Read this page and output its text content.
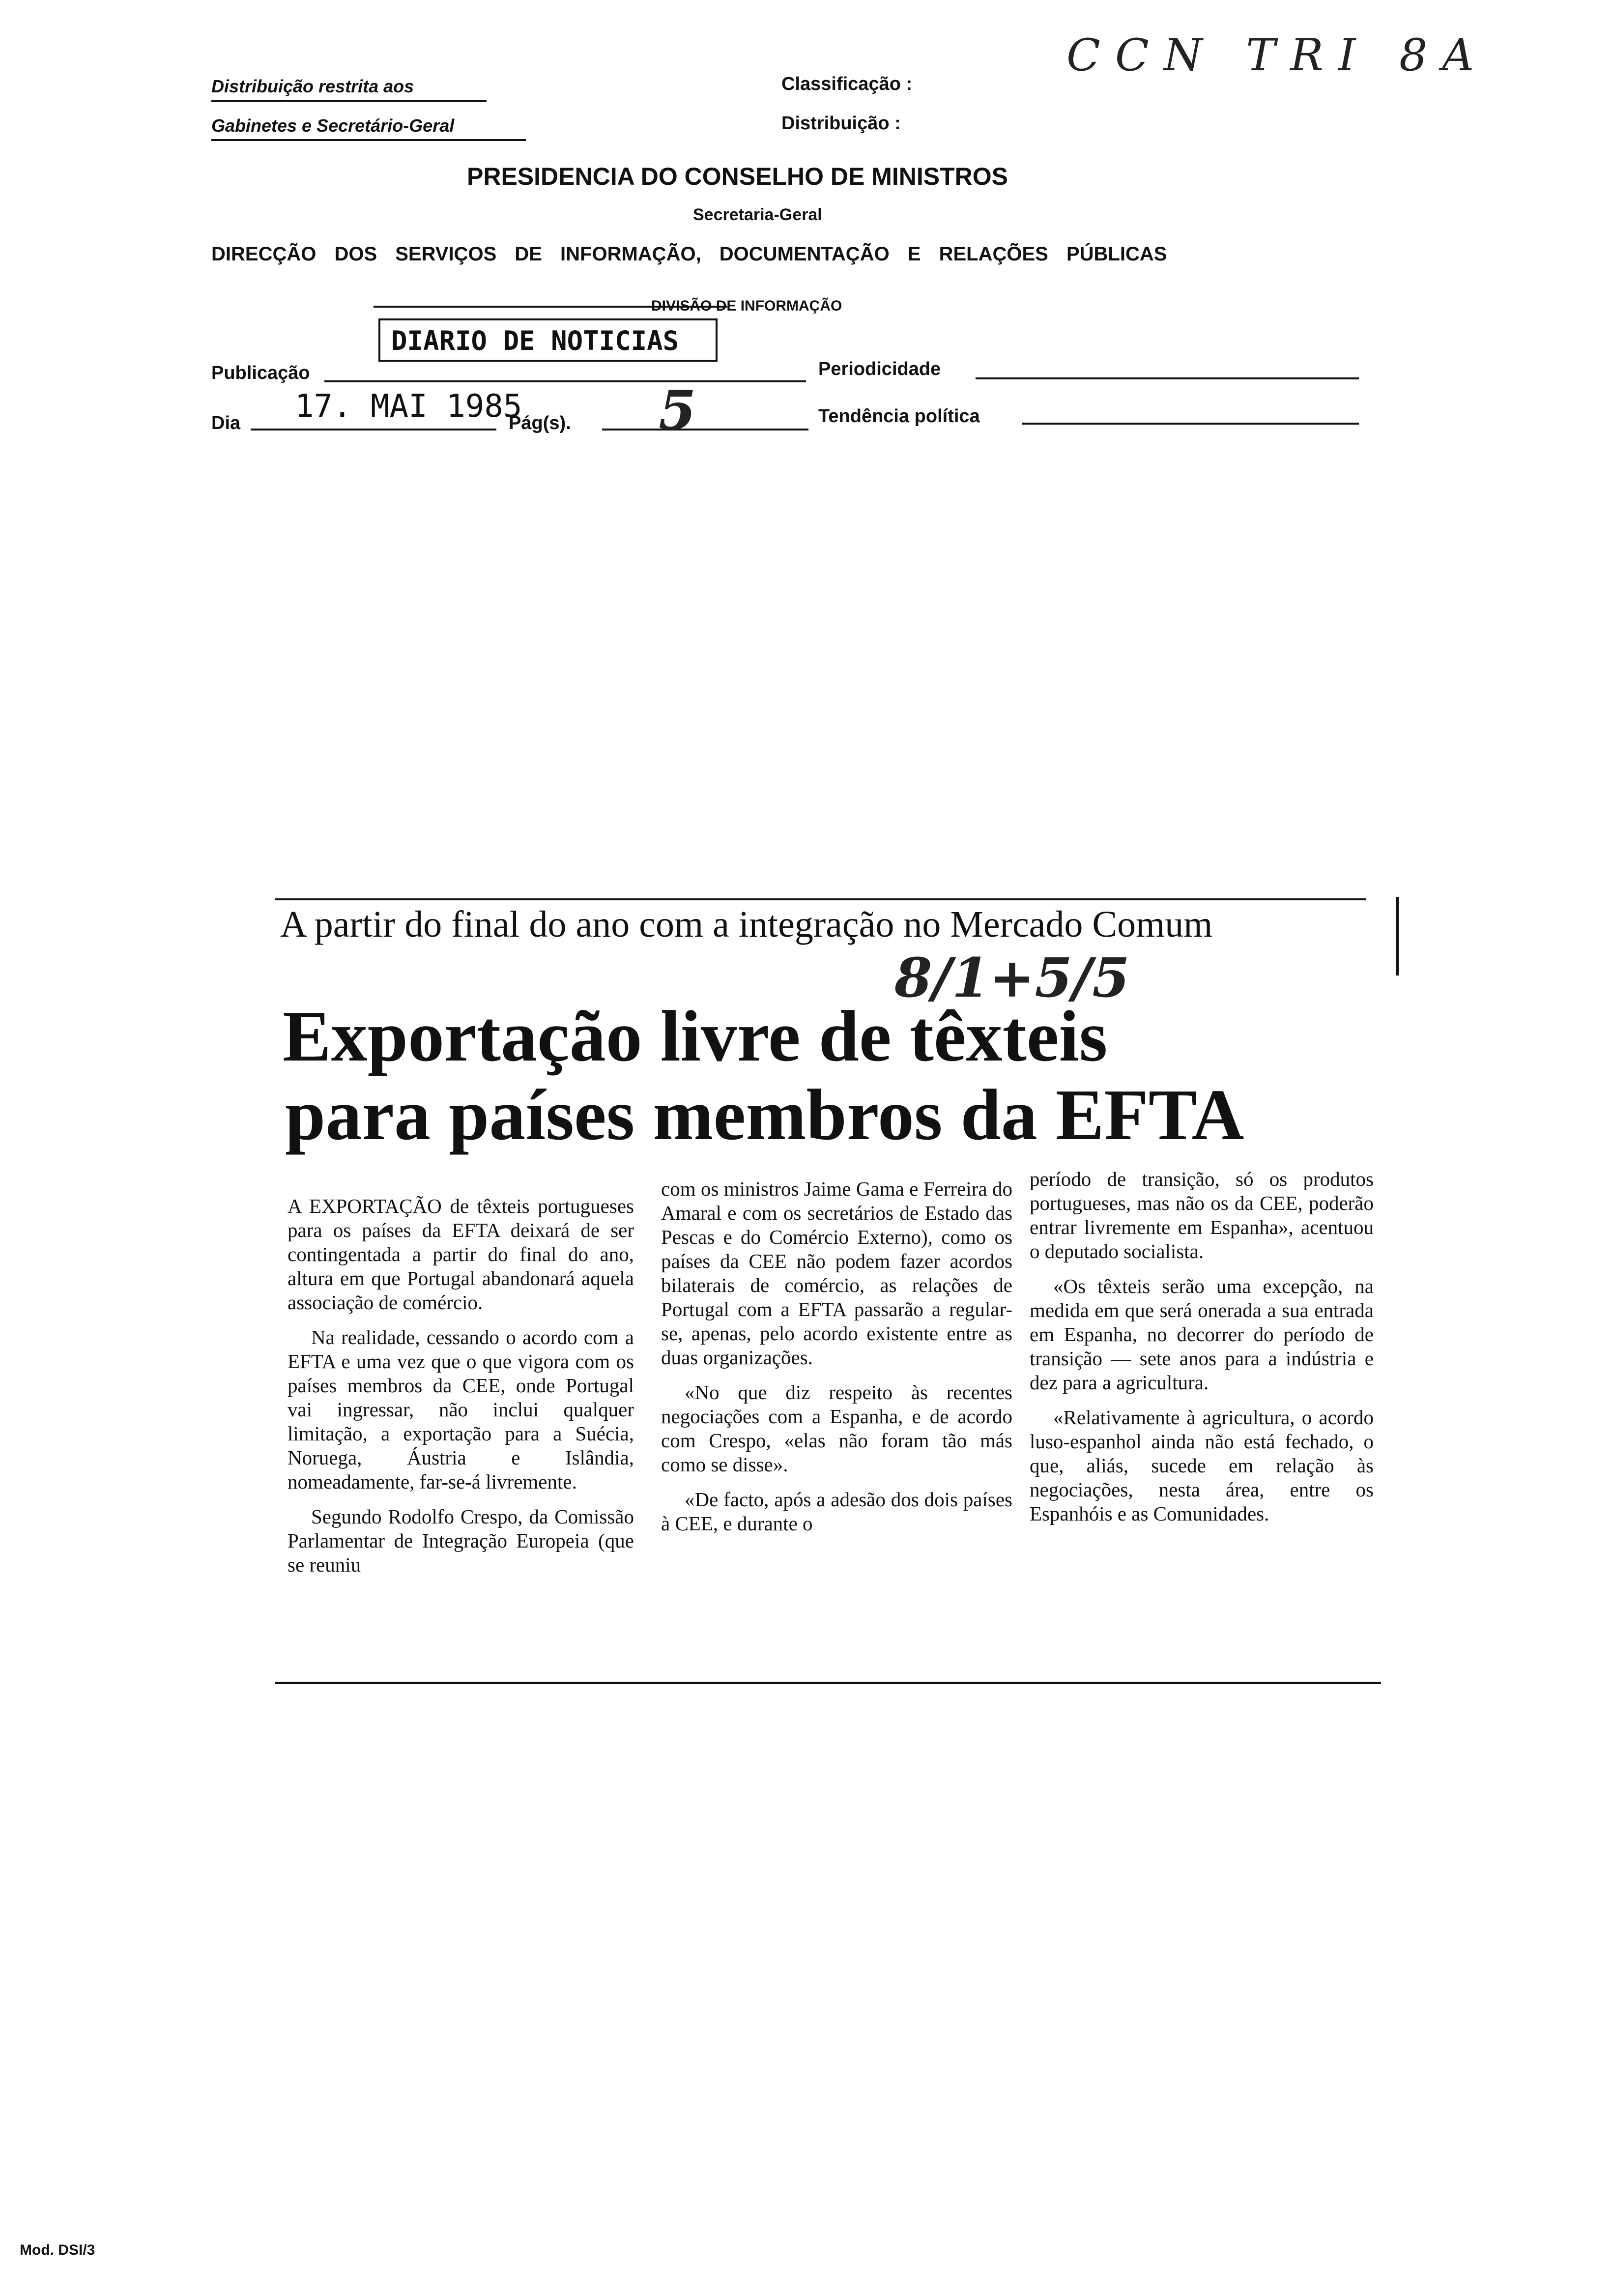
Distribuição restrita aos
Gabinetes e Secretário-Geral
Classificação :
Distribuição :
CCN TRI 8A
PRESIDENCIA DO CONSELHO DE MINISTROS
Secretaria-Geral
DIRECÇÃO DOS SERVIÇOS DE INFORMAÇÃO, DOCUMENTAÇÃO E RELAÇÕES PÚBLICAS
DIVISÃO DE INFORMAÇÃO
DIARIO DE NOTICIAS
Publicação	Periodicidade
Dia 17. MAI 1985
Pág(s). 5	Tendência política
A partir do final do ano com a integração no Mercado Comum
8/1+5/5
Exportação livre de têxteis
para países membros da EFTA

A EXPORTAÇÃO de têxteis portugueses para os países da EFTA deixará de ser contingentada a partir do final do ano, altura em que Portugal abandonará aquela associação de comércio.

Na realidade, cessando o acordo com a EFTA e uma vez que o que vigora com os países membros da CEE, onde Portugal vai ingressar, não inclui qualquer limitação, a exportação para a Suécia, Noruega, Áustria e Islândia, nomeadamente, far-se-á livremente.

Segundo Rodolfo Crespo, da Comissão Parlamentar de Integração Europeia (que se reuniu

com os ministros Jaime Gama e Ferreira do Amaral e com os secretários de Estado das Pescas e do Comércio Externo), como os países da CEE não podem fazer acordos bilaterais de comércio, as relações de Portugal com a EFTA passarão a regular-se, apenas, pelo acordo existente entre as duas organizações.

«No que diz respeito às recentes negociações com a Espanha, e de acordo com Crespo, «elas não foram tão más como se disse».

«De facto, após a adesão dos dois países à CEE, e durante o

período de transição, só os produtos portugueses, mas não os da CEE, poderão entrar livremente em Espanha», acentuou o deputado socialista.

«Os têxteis serão uma excepção, na medida em que será onerada a sua entrada em Espanha, no decorrer do período de transição — sete anos para a indústria e dez para a agricultura.

«Relativamente à agricultura, o acordo luso-espanhol ainda não está fechado, o que, aliás, sucede em relação às negociações, nesta área, entre os Espanhóis e as Comunidades.

Mod. DSI/3
